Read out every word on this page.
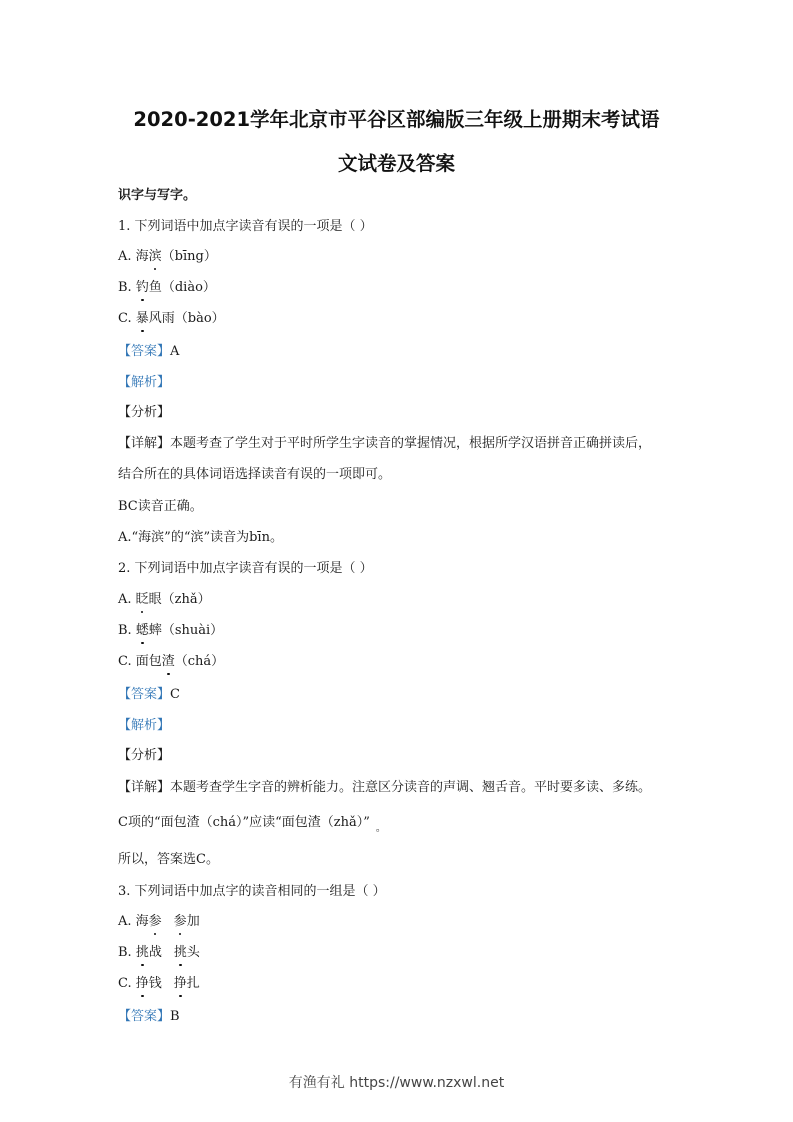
2020-2021学年北京市平谷区部编版三年级上册期末考试语
文试卷及答案
识字与写字。
1. 下列词语中加点字读音有误的一项是（ ）
A. 海滨（bīng）
B. 钓鱼（diào）
C. 暴风雨（bào）
【答案】A
【解析】
【分析】
【详解】本题考查了学生对于平时所学生字读音的掌握情况，根据所学汉语拼音正确拼读后，
结合所在的具体词语选择读音有误的一项即可。
BC读音正确。
A.“海滨”的“滨”读音为bīn。
2. 下列词语中加点字读音有误的一项是（ ）
A. 眨眼（zhǎ）
B. 蟋蟀（shuài）
C. 面包渣（chá）
【答案】C
【解析】
【分析】
【详解】本题考查学生字音的辨析能力。注意区分读音的声调、翘舌音。平时要多读、多练。
C项的“面包渣（chá）”应读“面包渣（zhǎ）” $_。$
所以，答案选C。
3. 下列词语中加点字的读音相同的一组是（ ）
A. 海参 参加
B. 挑战 挑头
C. 挣钱 挣扎
【答案】B
有渔有礼 https://www.nzxwl.net
